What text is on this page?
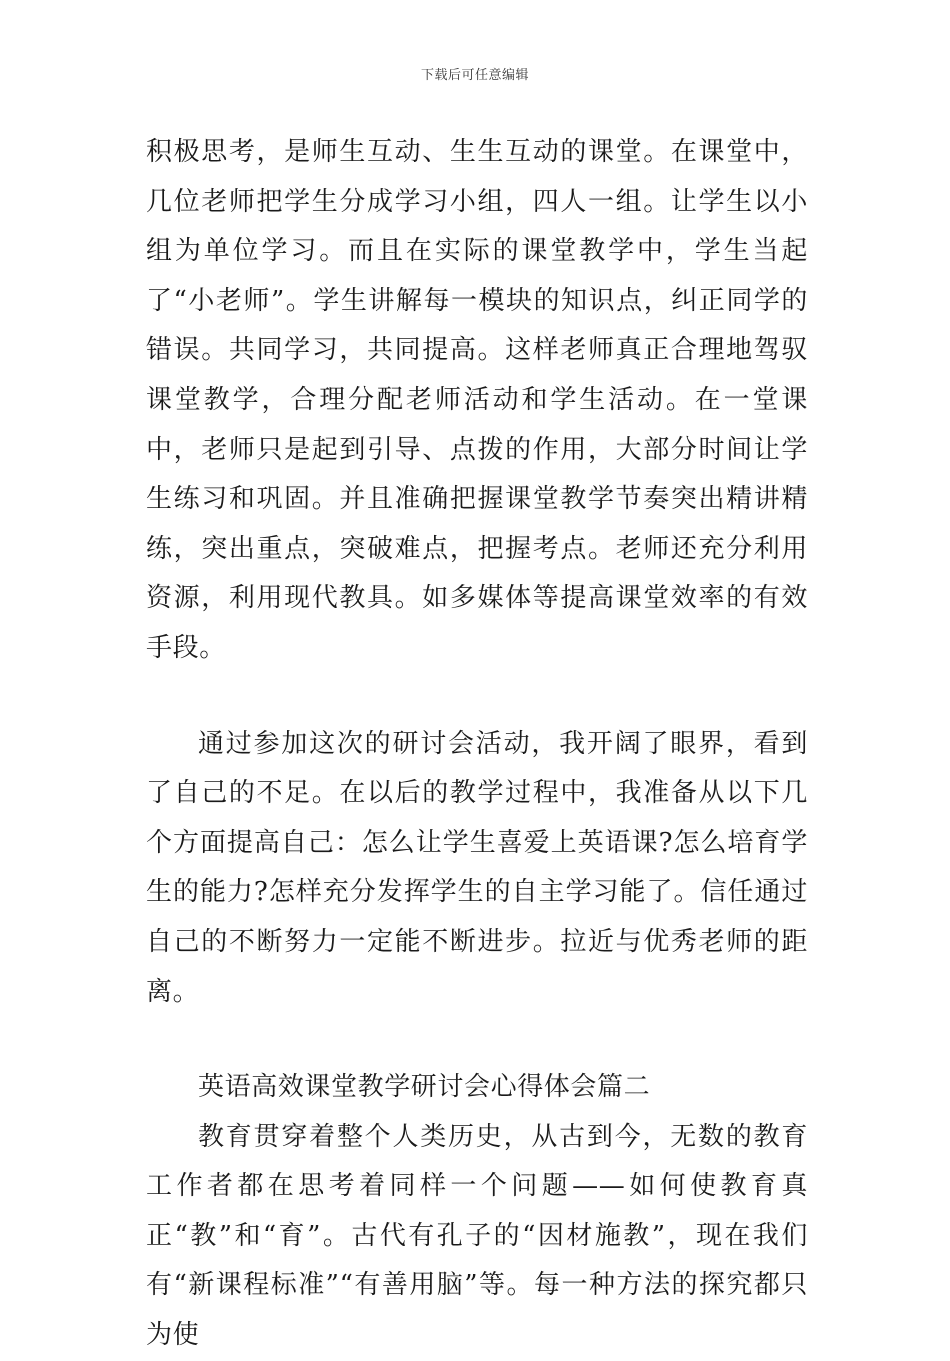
下载后可任意编辑

积极思考，是师生互动、生生互动的课堂。在课堂中，几位老师把学生分成学习小组，四人一组。让学生以小组为单位学习。而且在实际的课堂教学中，学生当起了“小老师”。学生讲解每一模块的知识点，纠正同学的错误。共同学习，共同提高。这样老师真正合理地驾驭课堂教学，合理分配老师活动和学生活动。在一堂课中，老师只是起到引导、点拨的作用，大部分时间让学生练习和巩固。并且准确把握课堂教学节奏突出精讲精练，突出重点，突破难点，把握考点。老师还充分利用资源，利用现代教具。如多媒体等提高课堂效率的有效手段。

通过参加这次的研讨会活动，我开阔了眼界，看到了自己的不足。在以后的教学过程中，我准备从以下几个方面提高自己：怎么让学生喜爱上英语课?怎么培育学生的能力?怎样充分发挥学生的自主学习能了。信任通过自己的不断努力一定能不断进步。拉近与优秀老师的距离。

英语高效课堂教学研讨会心得体会篇二

教育贯穿着整个人类历史，从古到今，无数的教育工作者都在思考着同样一个问题——如何使教育真正“教”和“育”。古代有孔子的“因材施教”，现在我们有“新课程标准”“有善用脑”等。每一种方法的探究都只为使
